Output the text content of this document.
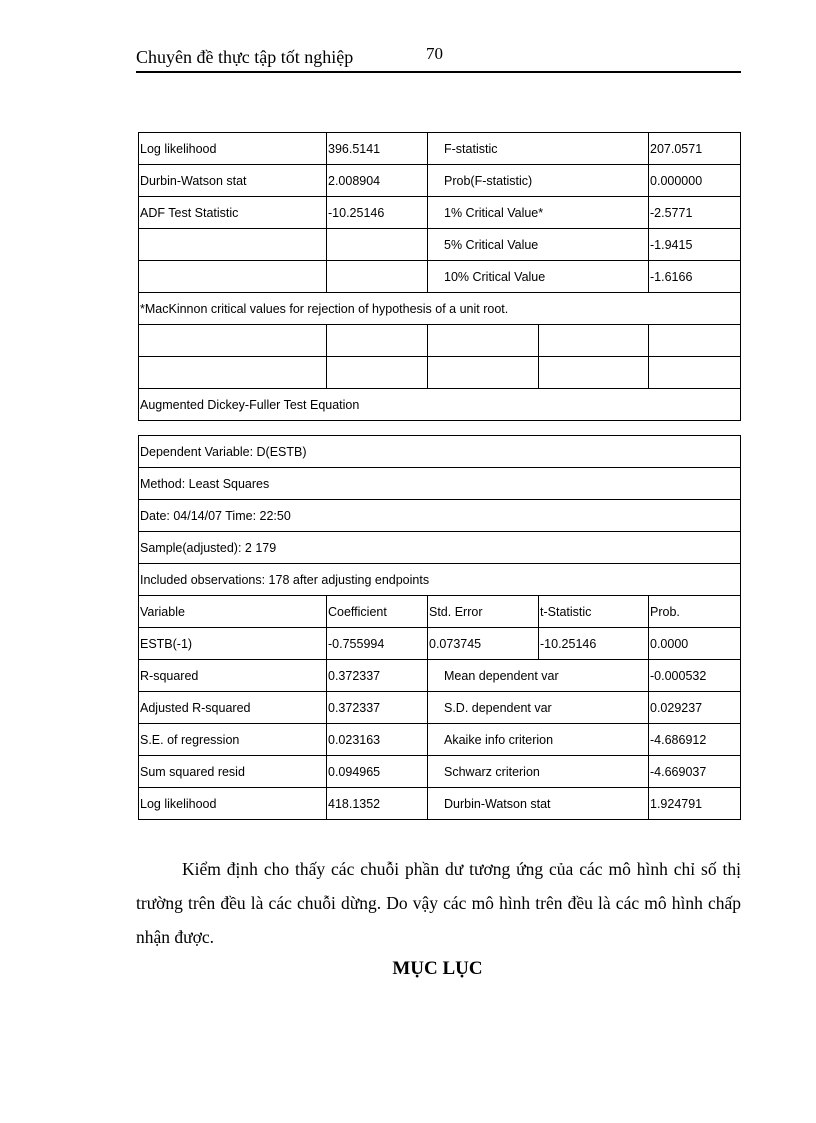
Chuyên đề thực tập tốt nghiệp	70
Log likelihood	396.5141	F-statistic		207.0571
Durbin-Watson stat	2.008904	Prob(F-statistic)		0.000000
ADF Test Statistic	-10.25146	1% Critical Value*		-2.5771
		5% Critical Value		-1.9415
		10% Critical Value		-1.6166
*MacKinnon critical values for rejection of hypothesis of a unit root.				

Augmented Dickey-Fuller Test Equation				
Dependent Variable: D(ESTB)				
Method: Least Squares				
Date: 04/14/07 Time: 22:50				
Sample(adjusted): 2 179				
Included observations: 178 after adjusting endpoints				
Variable	Coefficient	Std. Error	t-Statistic	Prob.
ESTB(-1)	-0.755994	0.073745	-10.25146	0.0000
R-squared	0.372337	Mean dependent var		-0.000532
Adjusted R-squared	0.372337	S.D. dependent var		0.029237
S.E. of regression	0.023163	Akaike info criterion		-4.686912
Sum squared resid	0.094965	Schwarz criterion		-4.669037
Log likelihood	418.1352	Durbin-Watson stat		1.924791

Kiểm định cho thấy các chuỗi phần dư tương ứng của các mô hình chỉ số thị trường trên đều là các chuỗi dừng. Do vậy các mô hình trên đều là các mô hình chấp nhận được.

MỤC LỤC
